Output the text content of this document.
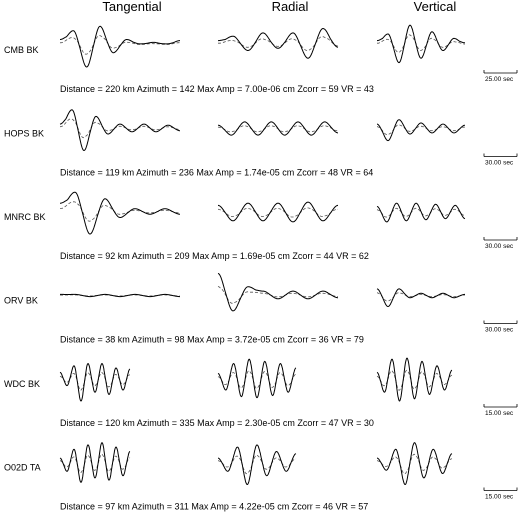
Tangential	Radial	Vertical
CMB BK
25.00 sec
Distance = 220 km Azimuth = 142 Max Amp = 7.00e-06 cm Zcorr = 59 VR = 43
HOPS BK
30.00 sec
Distance = 119 km Azimuth = 236 Max Amp = 1.74e-05 cm Zcorr = 48 VR = 64
MNRC BK
30.00 sec
Distance = 92 km Azimuth = 209 Max Amp = 1.69e-05 cm Zcorr = 44 VR = 62
ORV BK
30.00 sec
Distance = 38 km Azimuth = 98 Max Amp = 3.72e-05 cm Zcorr = 36 VR = 79
WDC BK
15.00 sec
Distance = 120 km Azimuth = 335 Max Amp = 2.30e-05 cm Zcorr = 47 VR = 30
O02D TA
15.00 sec
Distance = 97 km Azimuth = 311 Max Amp = 4.22e-05 cm Zcorr = 46 VR = 57
